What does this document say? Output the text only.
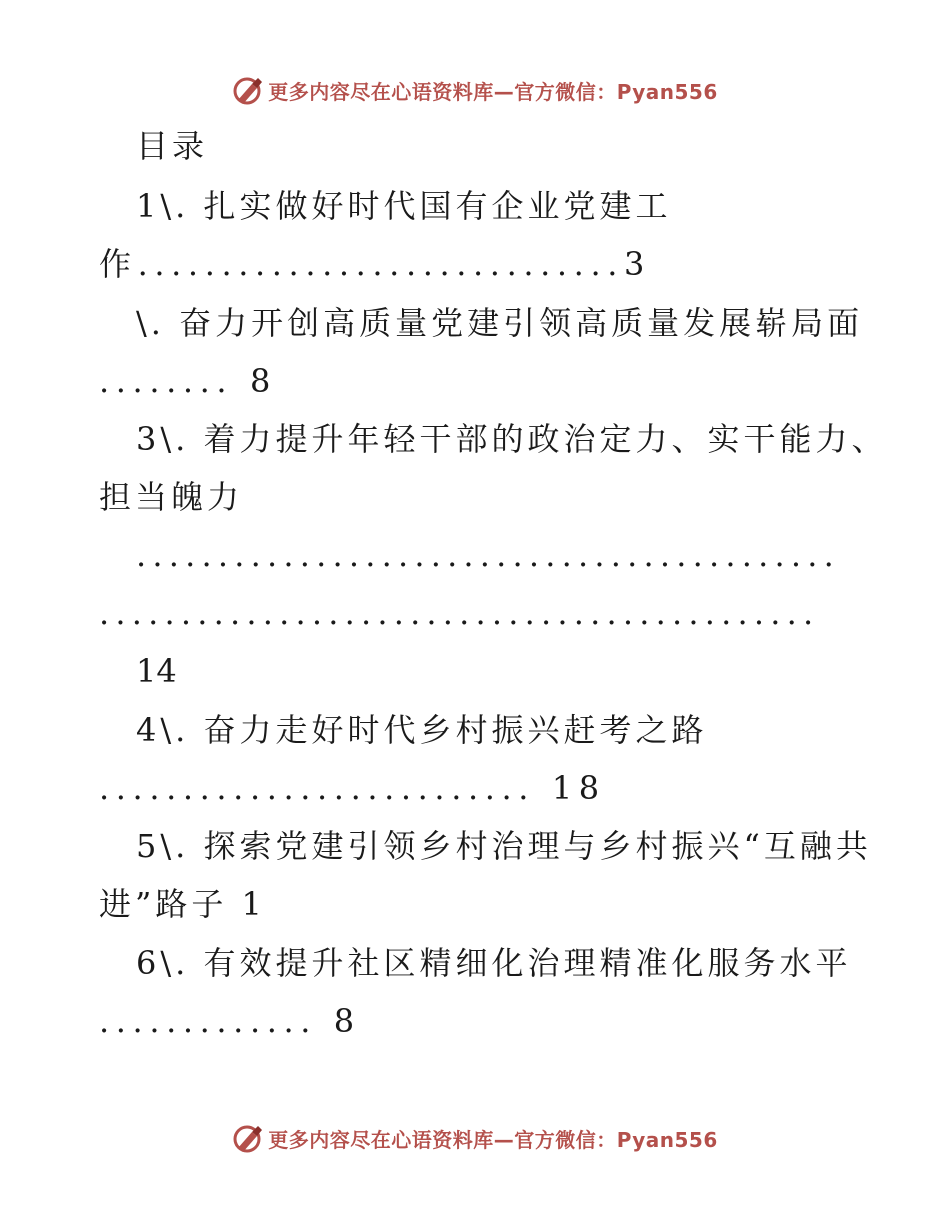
更多内容尽在心语资料库— 官方微信：Pyan556
目录
1\. 扎实做好时代国有企业党建工
作.............................3
\. 奋力开创高质量党建引领高质量发展崭局面
........ 8
3\. 着力提升年轻干部的政治定力、实干能力、
担当魄力
...........................................
............................................
14
4\. 奋力走好时代乡村振兴赶考之路
.......................... 18
5\. 探索党建引领乡村治理与乡村振兴“互融共
进”路子 1
6\. 有效提升社区精细化治理精准化服务水平
............. 8
更多内容尽在心语资料库— 官方微信：Pyan556
